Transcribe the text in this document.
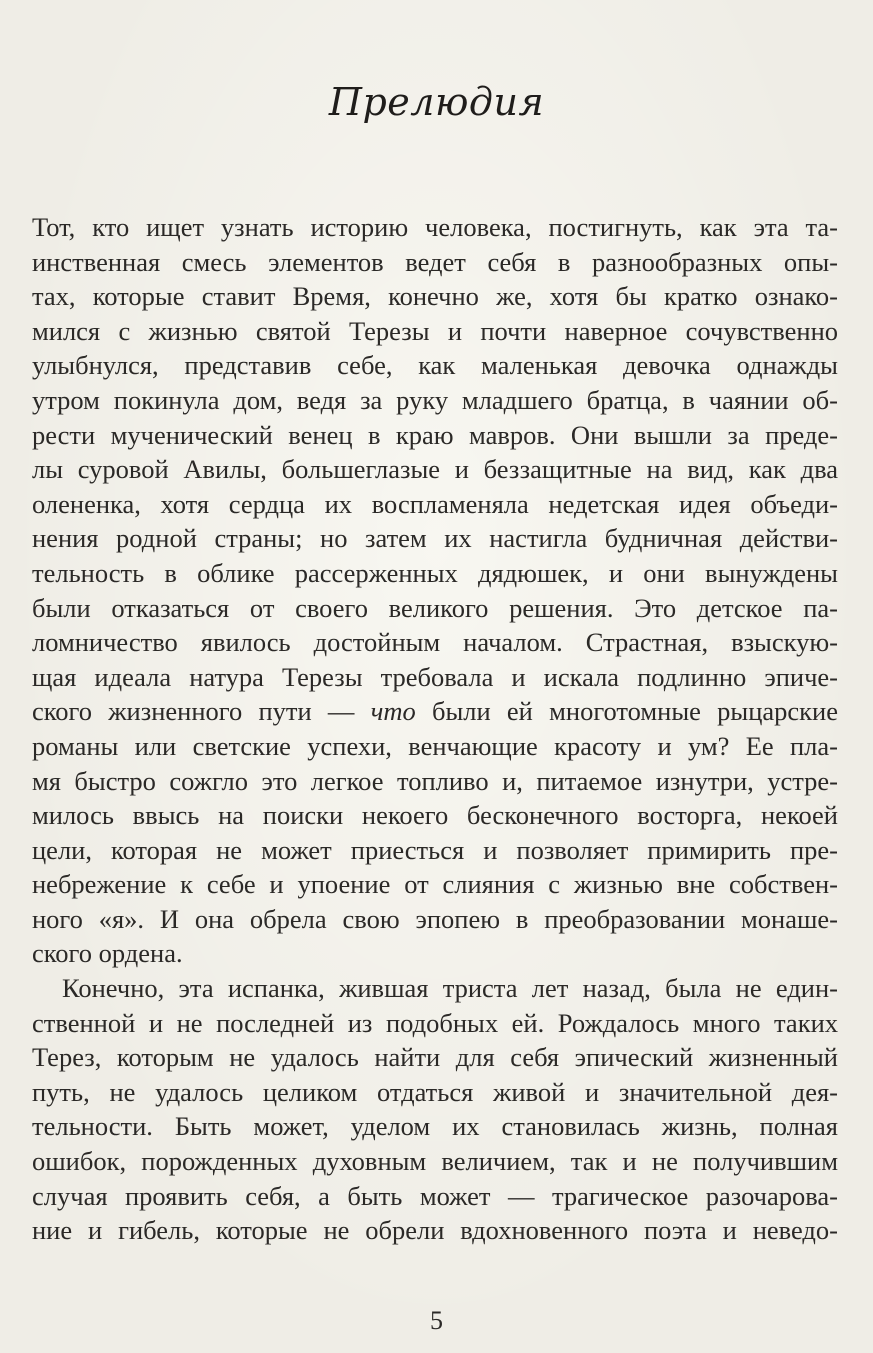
Прелюдия
Тот, кто ищет узнать историю человека, постигнуть, как эта та-
инственная смесь элементов ведет себя в разнообразных опы-
тах, которые ставит Время, конечно же, хотя бы кратко ознако-
мился с жизнью святой Терезы и почти наверное сочувственно
улыбнулся, представив себе, как маленькая девочка однажды
утром покинула дом, ведя за руку младшего братца, в чаянии об-
рести мученический венец в краю мавров. Они вышли за преде-
лы суровой Авилы, большеглазые и беззащитные на вид, как два
олененка, хотя сердца их воспламеняла недетская идея объеди-
нения родной страны; но затем их настигла будничная действи-
тельность в облике рассерженных дядюшек, и они вынуждены
были отказаться от своего великого решения. Это детское па-
ломничество явилось достойным началом. Страстная, взыскую-
щая идеала натура Терезы требовала и искала подлинно эпиче-
ского жизненного пути — что были ей многотомные рыцарские
романы или светские успехи, венчающие красоту и ум? Ее пла-
мя быстро сожгло это легкое топливо и, питаемое изнутри, устре-
милось ввысь на поиски некоего бесконечного восторга, некоей
цели, которая не может приесться и позволяет примирить пре-
небрежение к себе и упоение от слияния с жизнью вне собствен-
ного «я». И она обрела свою эпопею в преобразовании монаше-
ского ордена.
Конечно, эта испанка, жившая триста лет назад, была не един-
ственной и не последней из подобных ей. Рождалось много таких
Терез, которым не удалось найти для себя эпический жизненный
путь, не удалось целиком отдаться живой и значительной дея-
тельности. Быть может, уделом их становилась жизнь, полная
ошибок, порожденных духовным величием, так и не получившим
случая проявить себя, а быть может — трагическое разочарова-
ние и гибель, которые не обрели вдохновенного поэта и неведо-
5
